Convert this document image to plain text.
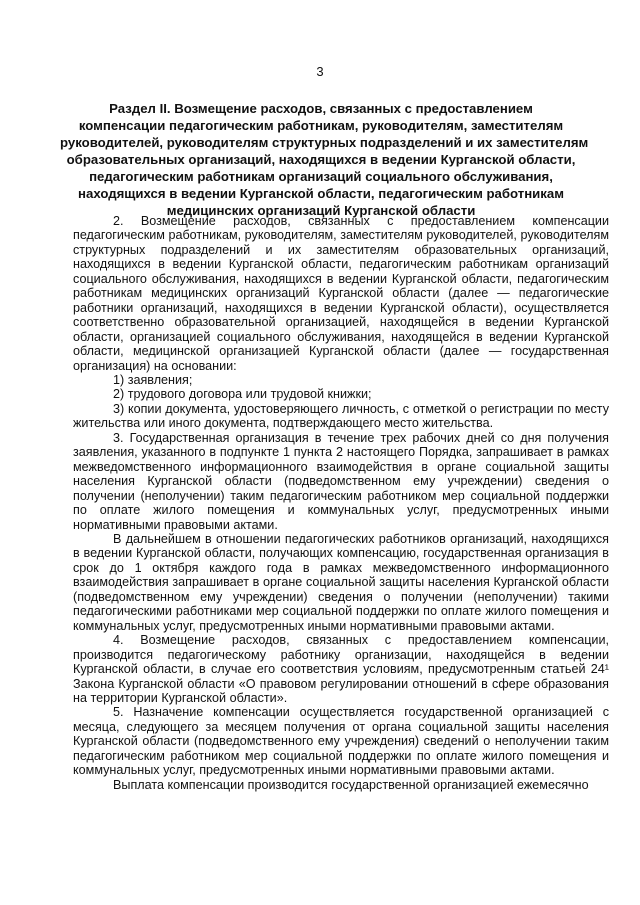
3
Раздел II. Возмещение расходов, связанных с предоставлением
компенсации педагогическим работникам, руководителям, заместителям
руководителей, руководителям структурных подразделений и их заместителям
образовательных организаций, находящихся в ведении Курганской области,
педагогическим работникам организаций социального обслуживания,
находящихся в ведении Курганской области, педагогическим работникам
медицинских организаций Курганской области

2. Возмещение расходов, связанных с предоставлением компенсации педагогическим работникам, руководителям, заместителям руководителей, руководителям структурных подразделений и их заместителям образовательных организаций, находящихся в ведении Курганской области, педагогическим работникам организаций социального обслуживания, находящихся в ведении Курганской области, педагогическим работникам медицинских организаций Курганской области (далее — педагогические работники организаций, находящихся в ведении Курганской области), осуществляется соответственно образовательной организацией, находящейся в ведении Курганской области, организацией социального обслуживания, находящейся в ведении Курганской области, медицинской организацией Курганской области (далее — государственная организация) на основании:

1) заявления;

2) трудового договора или трудовой книжки;

3) копии документа, удостоверяющего личность, с отметкой о регистрации по месту жительства или иного документа, подтверждающего место жительства.

3. Государственная организация в течение трех рабочих дней со дня получения заявления, указанного в подпункте 1 пункта 2 настоящего Порядка, запрашивает в рамках межведомственного информационного взаимодействия в органе социальной защиты населения Курганской области (подведомственном ему учреждении) сведения о получении (неполучении) таким педагогическим работником мер социальной поддержки по оплате жилого помещения и коммунальных услуг, предусмотренных иными нормативными правовыми актами.

В дальнейшем в отношении педагогических работников организаций, находящихся в ведении Курганской области, получающих компенсацию, государственная организация в срок до 1 октября каждого года в рамках межведомственного информационного взаимодействия запрашивает в органе социальной защиты населения Курганской области (подведомственном ему учреждении) сведения о получении (неполучении) такими педагогическими работниками мер социальной поддержки по оплате жилого помещения и коммунальных услуг, предусмотренных иными нормативными правовыми актами.

4. Возмещение расходов, связанных с предоставлением компенсации, производится педагогическому работнику организации, находящейся в ведении Курганской области, в случае его соответствия условиям, предусмотренным статьей 24¹ Закона Курганской области «О правовом регулировании отношений в сфере образования на территории Курганской области».

5. Назначение компенсации осуществляется государственной организацией с месяца, следующего за месяцем получения от органа социальной защиты населения Курганской области (подведомственного ему учреждения) сведений о неполучении таким педагогическим работником мер социальной поддержки по оплате жилого помещения и коммунальных услуг, предусмотренных иными нормативными правовыми актами.

Выплата компенсации производится государственной организацией ежемесячно
